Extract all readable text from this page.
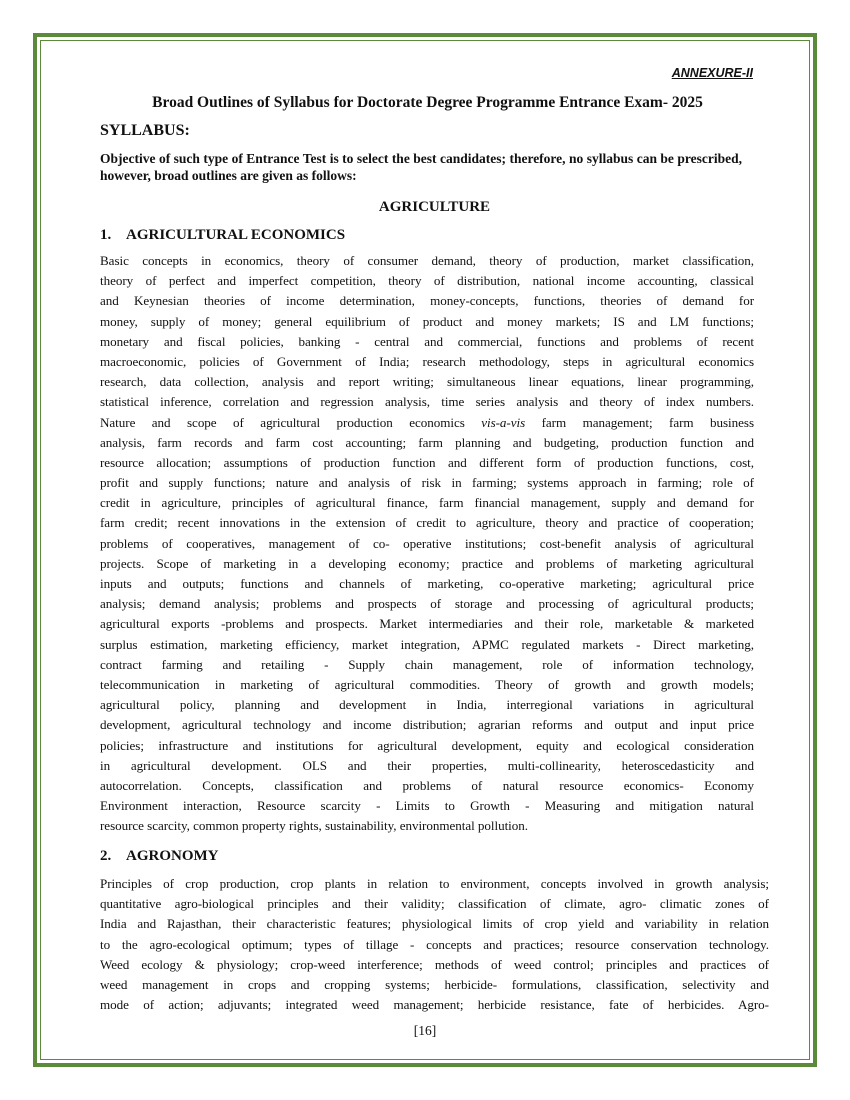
ANNEXURE-II
Broad Outlines of Syllabus for Doctorate Degree Programme Entrance Exam- 2025
SYLLABUS:
Objective of such type of Entrance Test is to select the best candidates; therefore, no syllabus can be prescribed, however, broad outlines are given as follows:
AGRICULTURE
1. AGRICULTURAL ECONOMICS
Basic concepts in economics, theory of consumer demand, theory of production, market classification,
theory of perfect and imperfect competition, theory of distribution, national income accounting, classical
and Keynesian theories of income determination, money-concepts, functions, theories of demand for
money, supply of money; general equilibrium of product and money markets; IS and LM functions;
monetary and fiscal policies, banking - central and commercial, functions and problems of recent
macroeconomic, policies of Government of India; research methodology, steps in agricultural economics
research, data collection, analysis and report writing; simultaneous linear equations, linear programming,
statistical inference, correlation and regression analysis, time series analysis and theory of index numbers.
Nature and scope of agricultural production economics vis-a-vis farm management; farm business
analysis, farm records and farm cost accounting; farm planning and budgeting, production function and
resource allocation; assumptions of production function and different form of production functions, cost,
profit and supply functions; nature and analysis of risk in farming; systems approach in farming; role of
credit in agriculture, principles of agricultural finance, farm financial management, supply and demand for
farm credit; recent innovations in the extension of credit to agriculture, theory and practice of cooperation;
problems of cooperatives, management of co- operative institutions; cost-benefit analysis of agricultural
projects. Scope of marketing in a developing economy; practice and problems of marketing agricultural
inputs and outputs; functions and channels of marketing, co-operative marketing; agricultural price
analysis; demand analysis; problems and prospects of storage and processing of agricultural products;
agricultural exports -problems and prospects. Market intermediaries and their role, marketable & marketed
surplus estimation, marketing efficiency, market integration, APMC regulated markets - Direct marketing,
contract farming and retailing - Supply chain management, role of information technology,
telecommunication in marketing of agricultural commodities. Theory of growth and growth models;
agricultural policy, planning and development in India, interregional variations in agricultural
development, agricultural technology and income distribution; agrarian reforms and output and input price
policies; infrastructure and institutions for agricultural development, equity and ecological consideration
in agricultural development. OLS and their properties, multi-collinearity, heteroscedasticity and
autocorrelation. Concepts, classification and problems of natural resource economics- Economy
Environment interaction, Resource scarcity - Limits to Growth - Measuring and mitigation natural
resource scarcity, common property rights, sustainability, environmental pollution.
2. AGRONOMY
Principles of crop production, crop plants in relation to environment, concepts involved in growth analysis;
quantitative agro-biological principles and their validity; classification of climate, agro- climatic zones of
India and Rajasthan, their characteristic features; physiological limits of crop yield and variability in relation
to the agro-ecological optimum; types of tillage - concepts and practices; resource conservation technology.
Weed ecology & physiology; crop-weed interference; methods of weed control; principles and practices of
weed management in crops and cropping systems; herbicide- formulations, classification, selectivity and
mode of action; adjuvants; integrated weed management; herbicide resistance, fate of herbicides. Agro-
[16]
